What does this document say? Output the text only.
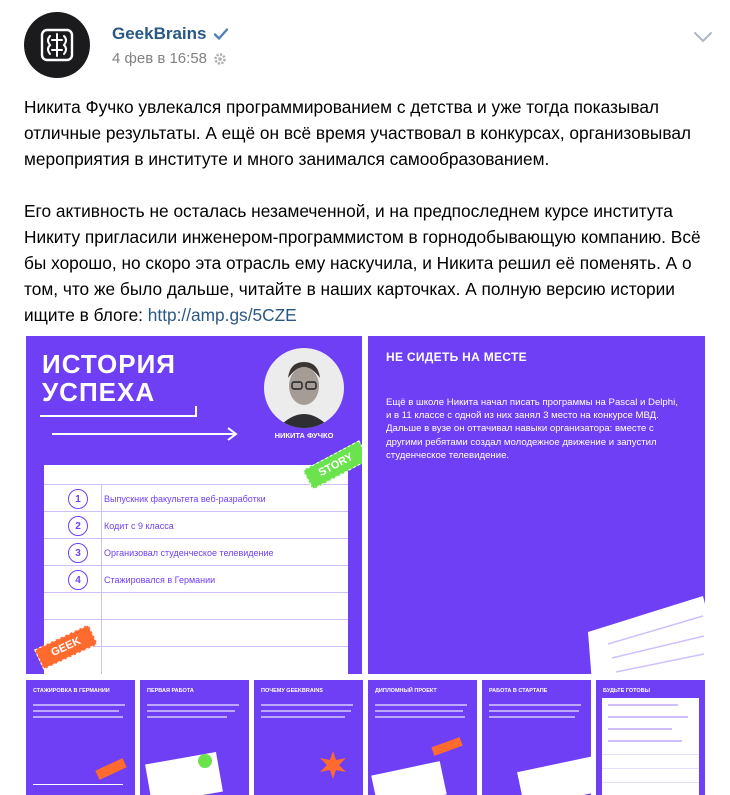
GeekBrains
4 фев в 16:58

Никита Фучко увлекался программированием с детства и уже тогда показывал отличные результаты. А ещё он всё время участвовал в конкурсах, организовывал мероприятия в институте и много занимался самообразованием.

Его активность не осталась незамеченной, и на предпоследнем курсе института Никиту пригласили инженером-программистом в горнодобывающую компанию. Всё бы хорошо, но скоро эта отрасль ему наскучила, и Никита решил её поменять. А о том, что же было дальше, читайте в наших карточках. А полную версию истории ищите в блоге: http://amp.gs/5CZE

ИСТОРИЯ
УСПЕХА
НИКИТА ФУЧКО
1	Выпускник факультета веб-разработки
2	Кодит с 9 класса
3	Организовал студенческое телевидение
4	Стажировался в Германии
STORY
GEEK
НЕ СИДЕТЬ НА МЕСТЕ
Ещё в школе Никита начал писать программы на Pascal и Delphi, и в 11 классе с одной из них занял 3 место на конкурсе МВД. Дальше в вузе он оттачивал навыки организатора: вместе с другими ребятами создал молодежное движение и запустил студенческое телевидение.
СТАЖИРОВКА В ГЕРМАНИИ	ПЕРВАЯ РАБОТА	ПОЧЕМУ GEEKBRAINS	ДИПЛОМНЫЙ ПРОЕКТ	РАБОТА В СТАРТАПЕ	БУДЬТЕ ГОТОВЫ
